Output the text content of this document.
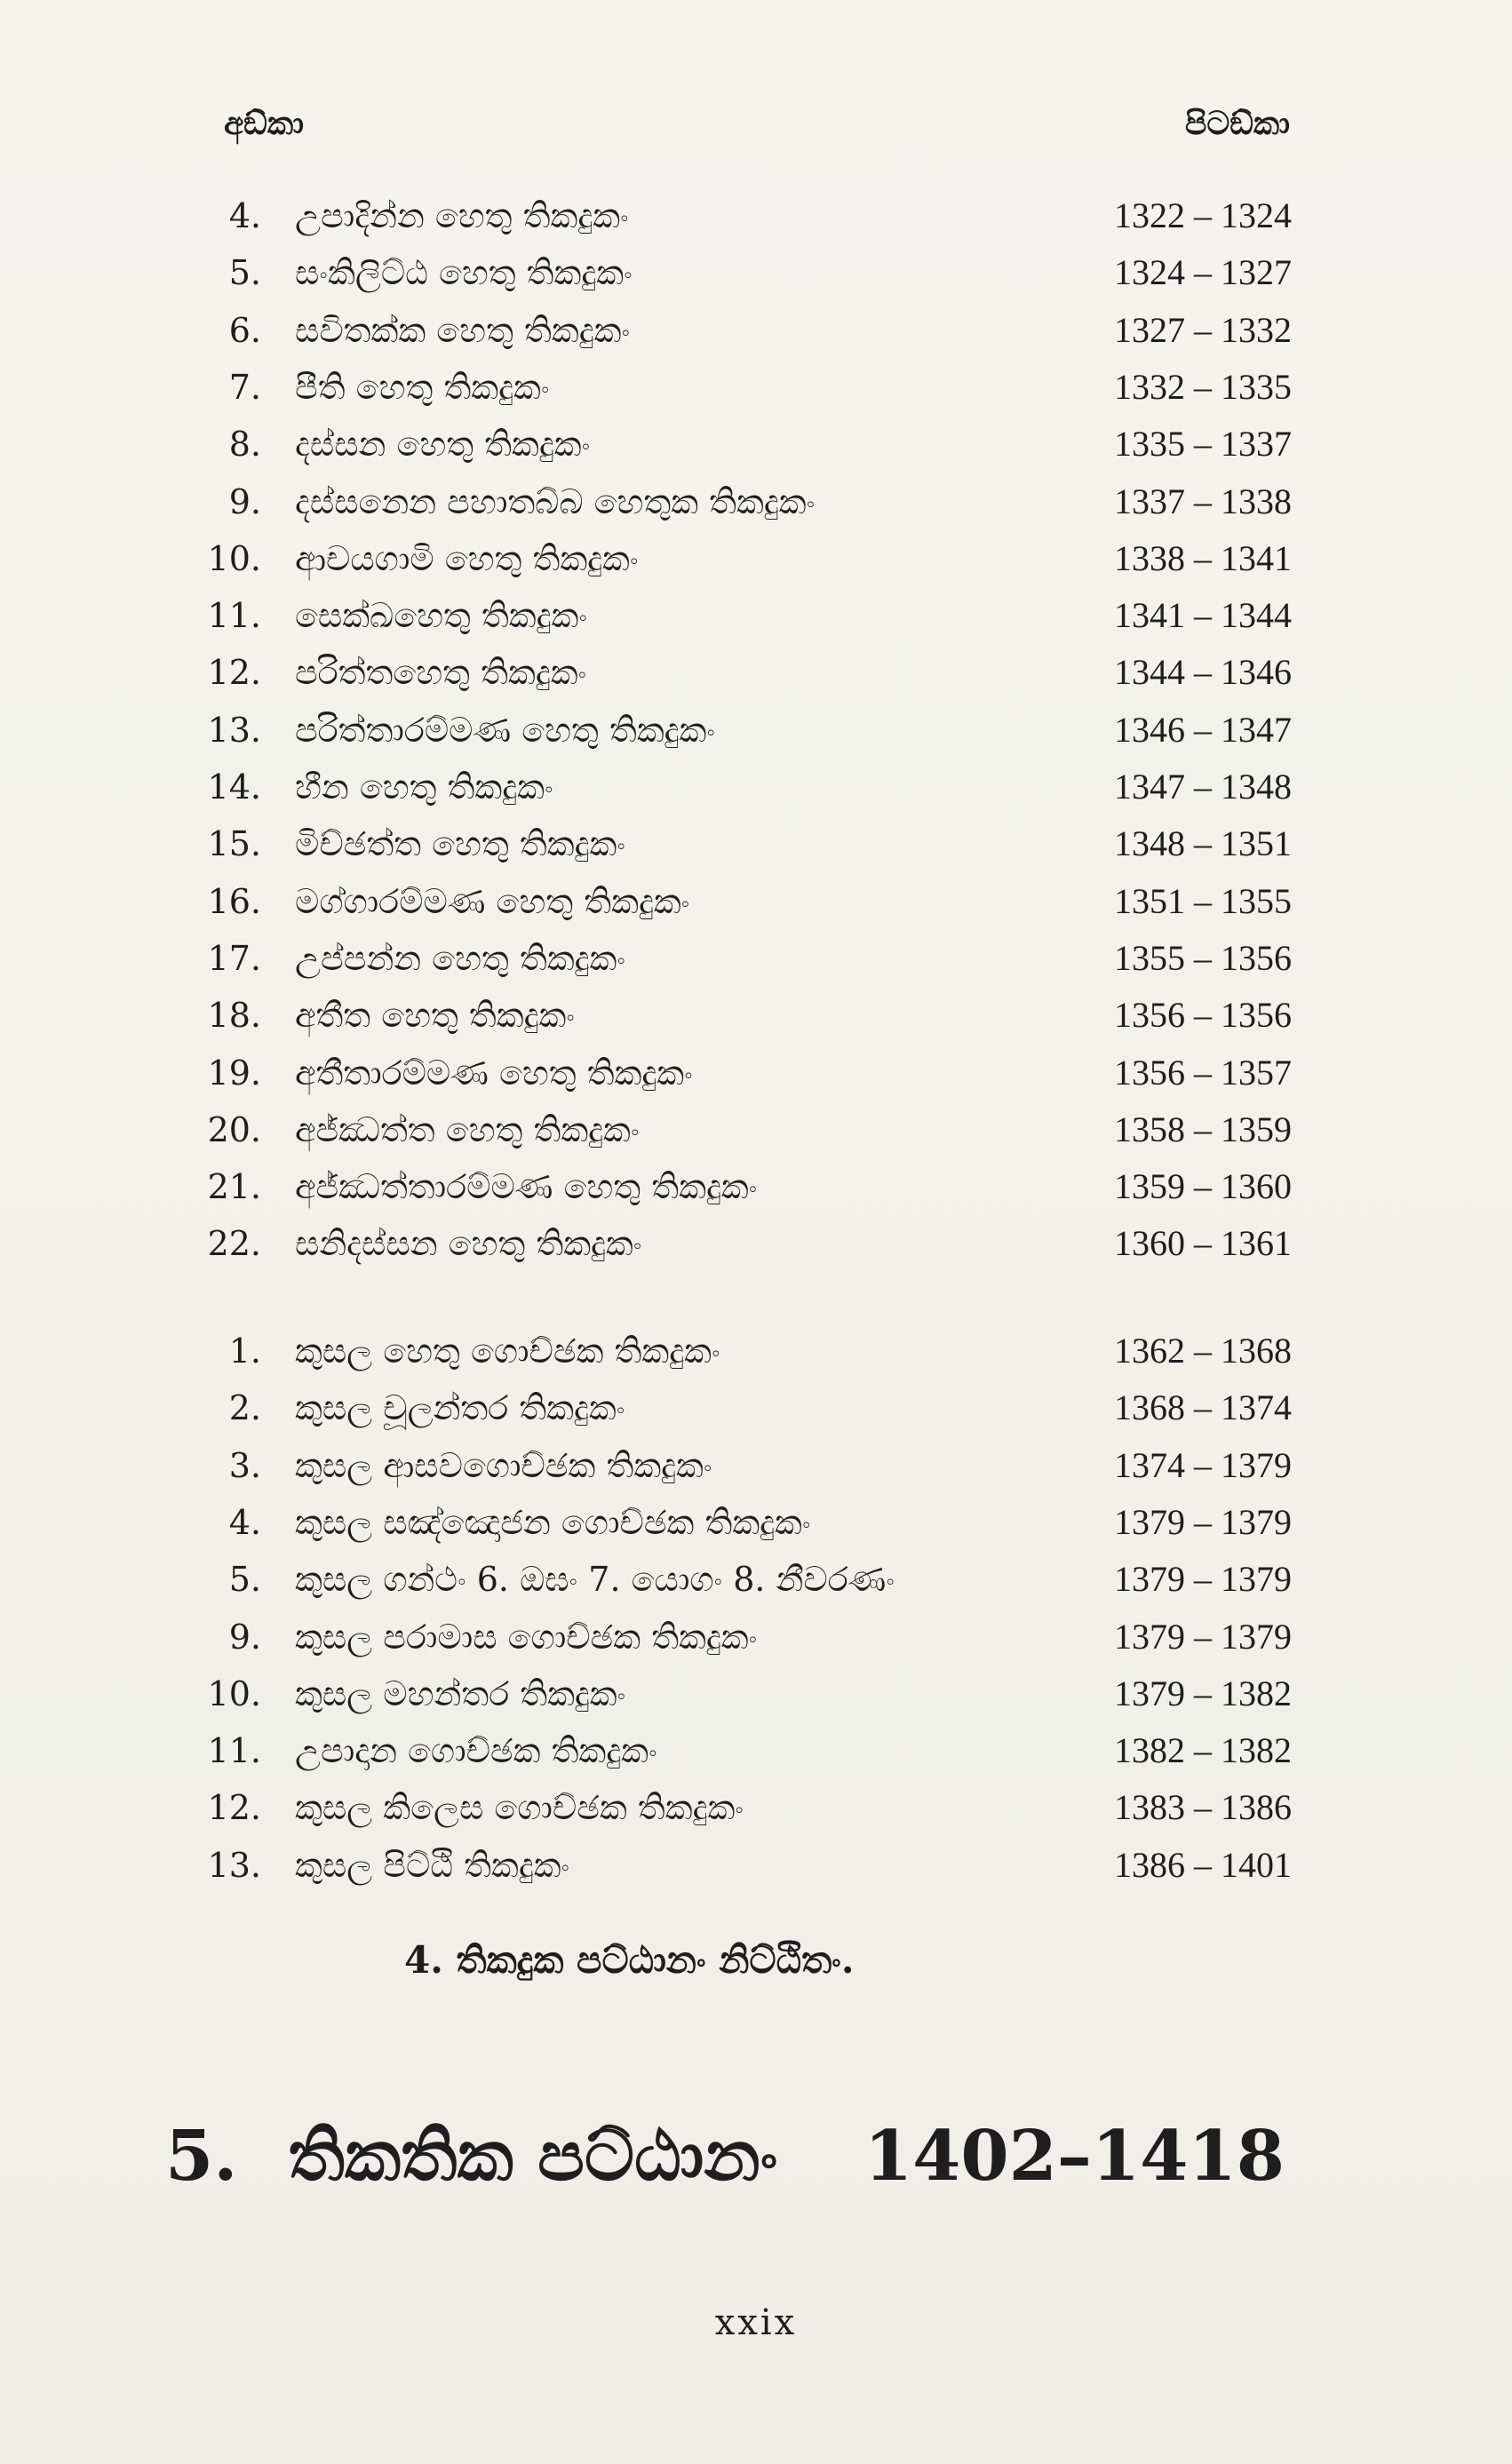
අඞ්කා	පිටඞ්කා
4. උපාදින්න හෙතු තිකදුකං	1322 – 1324
5. සංකිලිට්ඨ හෙතු තිකදුකං	1324 – 1327
6. සවිතක්ක හෙතු තිකදුකං	1327 – 1332
7. පීති හෙතු තිකදුකං	1332 – 1335
8. දස්සන හෙතු තිකදුකං	1335 – 1337
9. දස්සනෙන පහාතබ්බ හෙතුක තිකදුකං	1337 – 1338
10. ආචයගාමි හෙතු තිකදුකං	1338 – 1341
11. සෙක්ඛහෙතු තිකදුකං	1341 – 1344
12. පරිත්තහෙතු තිකදුකං	1344 – 1346
13. පරිත්තාරම්මණ හෙතු තිකදුකං	1346 – 1347
14. හීන හෙතු තිකදුකං	1347 – 1348
15. මිච්ඡත්ත හෙතු තිකදුකං	1348 – 1351
16. මග්ගාරම්මණ හෙතු තිකදුකං	1351 – 1355
17. උප්පන්න හෙතු තිකදුකං	1355 – 1356
18. අතීත හෙතු තිකදුකං	1356 – 1356
19. අතීතාරම්මණ හෙතු තිකදුකං	1356 – 1357
20. අජ්ඣත්ත හෙතු තිකදුකං	1358 – 1359
21. අජ්ඣත්තාරම්මණ හෙතු තිකදුකං	1359 – 1360
22. සනිදස්සන හෙතු තිකදුකං	1360 – 1361
1. කුසල හෙතු ගොච්ඡක තිකදුකං	1362 – 1368
2. කුසල චූලන්තර තිකදුකං	1368 – 1374
3. කුසල ආසවගොච්ඡක තිකදුකං	1374 – 1379
4. කුසල සඤ්ඤොජන ගොච්ඡක තිකදුකං	1379 – 1379
5. කුසල ගන්ථං 6. ඔඝං 7. යොගං 8. නීවරණං	1379 – 1379
9. කුසල පරාමාස ගොච්ඡක තිකදුකං	1379 – 1379
10. කුසල මහන්තර තිකදුකං	1379 – 1382
11. උපාදාන ගොච්ඡක තිකදුකං	1382 – 1382
12. කුසල කිලෙස ගොච්ඡක තිකදුකං	1383 – 1386
13. කුසල පිට්ඨි තිකදුකං	1386 – 1401
4. තිකදුක පට්ඨානං නිට්ඨිතං.
5. තිකතික පට්ඨානං 1402–1418
xxix
